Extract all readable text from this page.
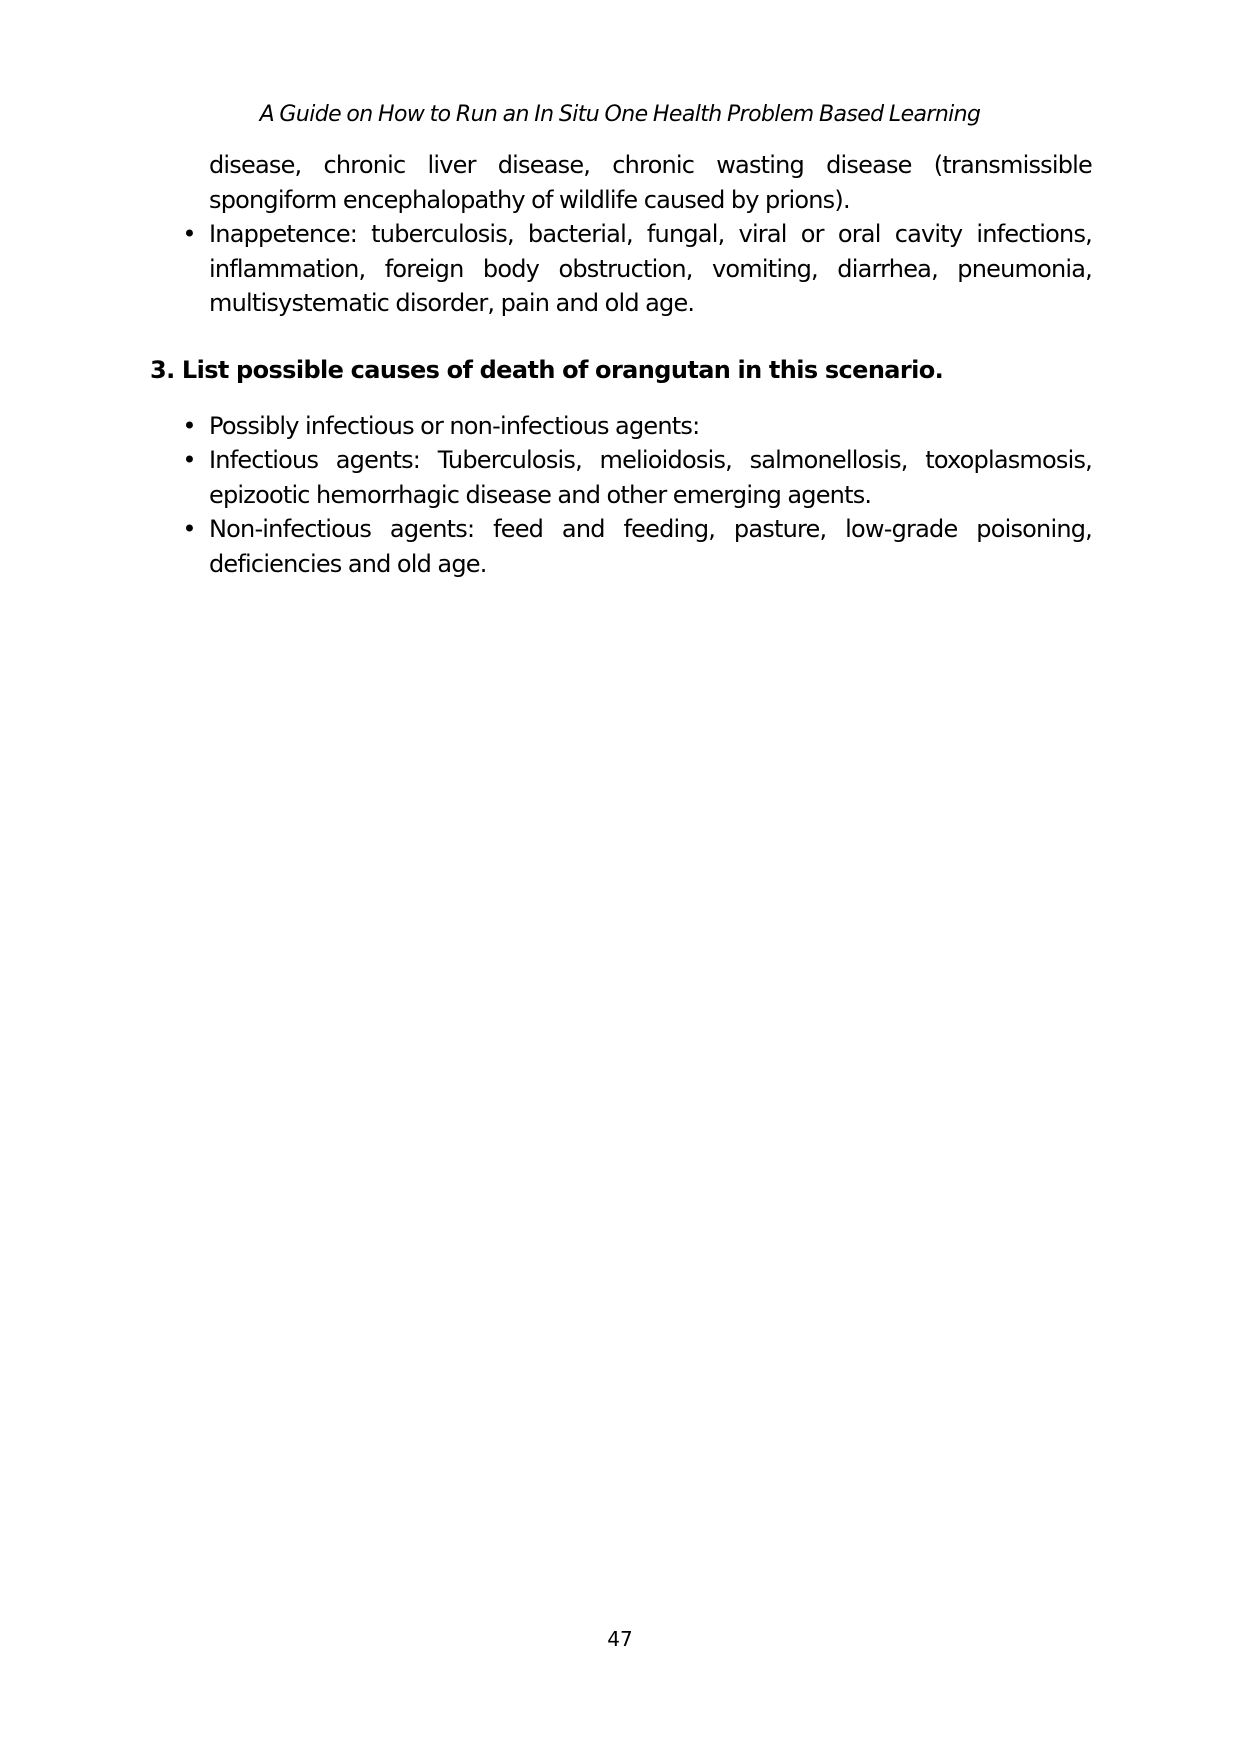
A Guide on How to Run an In Situ One Health Problem Based Learning

disease, chronic liver disease, chronic wasting disease (transmissible spongiform encephalopathy of wildlife caused by prions).

• Inappetence: tuberculosis, bacterial, fungal, viral or oral cavity infections, inflammation, foreign body obstruction, vomiting, diarrhea, pneumonia, multisystematic disorder, pain and old age.
3. List possible causes of death of orangutan in this scenario.
• Possibly infectious or non-infectious agents:
• Infectious agents: Tuberculosis, melioidosis, salmonellosis, toxoplasmosis, epizootic hemorrhagic disease and other emerging agents.
• Non-infectious agents: feed and feeding, pasture, low-grade poisoning, deficiencies and old age.
47
